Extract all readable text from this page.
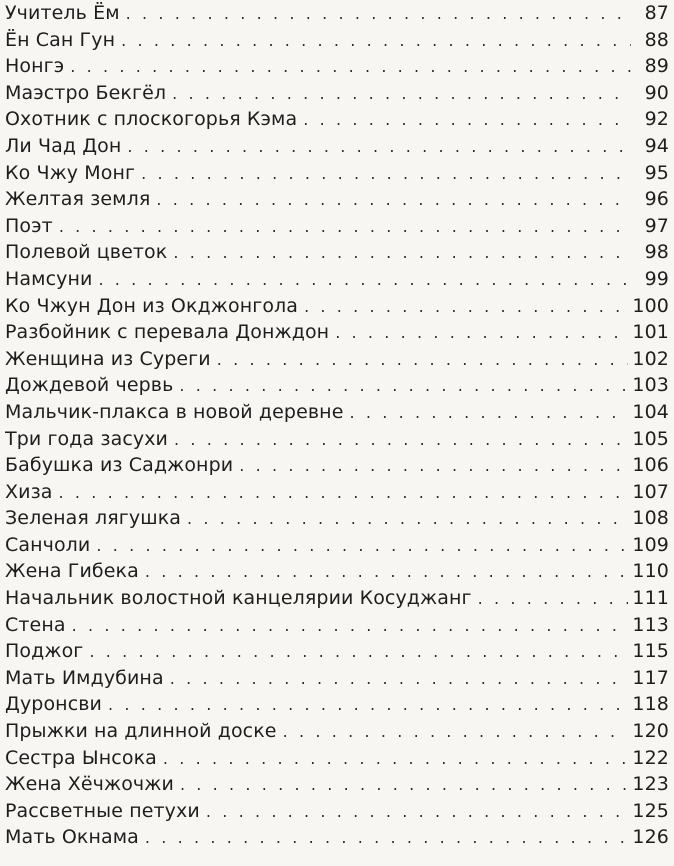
Учитель Ём . . .	87
Ён Сан Гун . . .	88
Нонгэ . . .	89
Маэстро Бекгёл . . .	90
Охотник с плоскогорья Кэма . . .	92
Ли Чад Дон . . .	94
Ко Чжу Монг . . .	95
Желтая земля . . .	96
Поэт . . .	97
Полевой цветок . . .	98
Намсуни . . .	99
Ко Чжун Дон из Окджонгола . . .	100
Разбойник с перевала Донждон . . .	101
Женщина из Суреги . . .	102
Дождевой червь . . .	103
Мальчик-плакса в новой деревне . . .	104
Три года засухи . . .	105
Бабушка из Саджонри . . .	106
Хиза . . .	107
Зеленая лягушка . . .	108
Санчоли . . .	109
Жена Гибека . . .	110
Начальник волостной канцелярии Косуджанг . . .	111
Стена . . .	113
Поджог . . .	115
Мать Имдубина . . .	117
Дуронсви . . .	118
Прыжки на длинной доске . . .	120
Сестра Ынсока . . .	122
Жена Хёчжочжи . . .	123
Рассветные петухи . . .	125
Мать Окнама . . .	126
